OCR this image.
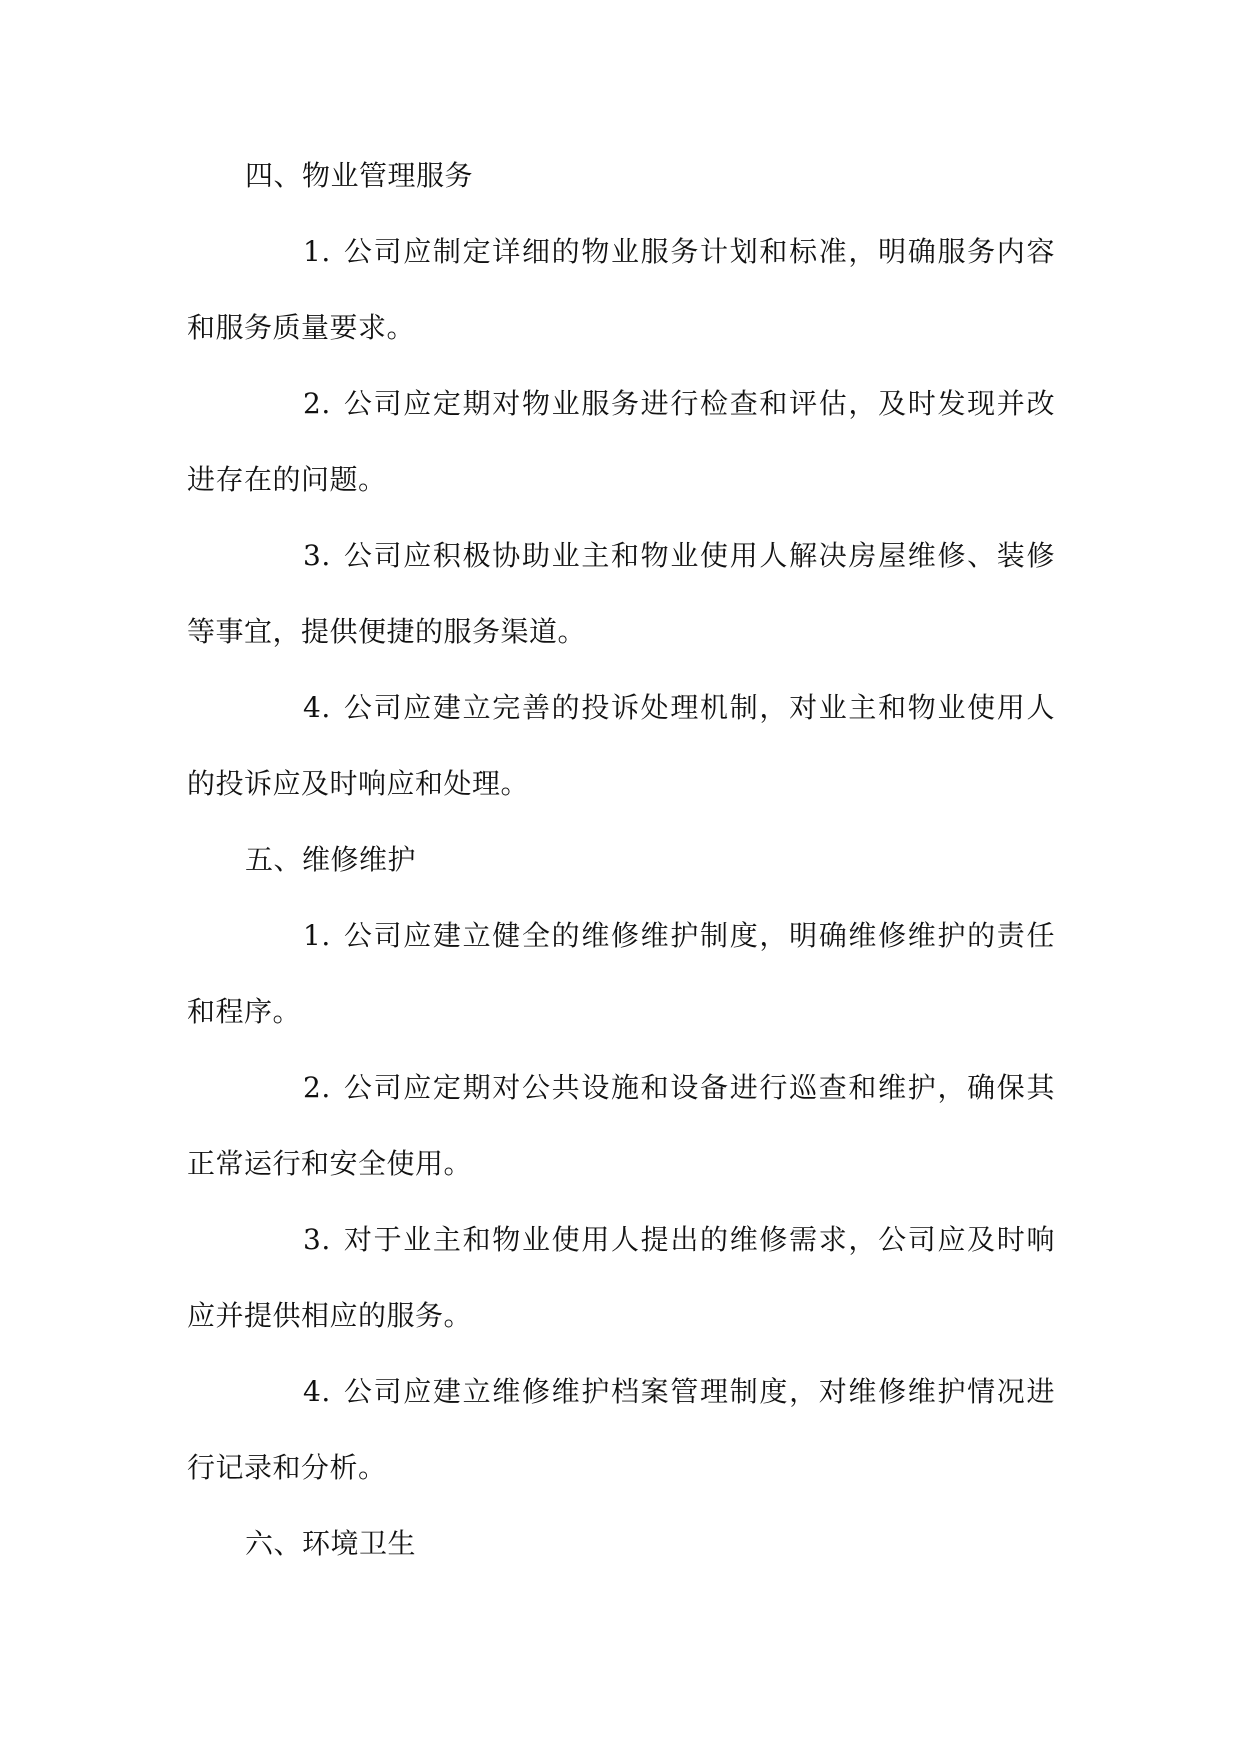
四、物业管理服务

1. 公司应制定详细的物业服务计划和标准，明确服务内容和服务质量要求。

2. 公司应定期对物业服务进行检查和评估，及时发现并改进存在的问题。

3. 公司应积极协助业主和物业使用人解决房屋维修、装修等事宜，提供便捷的服务渠道。

4. 公司应建立完善的投诉处理机制，对业主和物业使用人的投诉应及时响应和处理。

五、维修维护

1. 公司应建立健全的维修维护制度，明确维修维护的责任和程序。

2. 公司应定期对公共设施和设备进行巡查和维护，确保其正常运行和安全使用。

3. 对于业主和物业使用人提出的维修需求，公司应及时响应并提供相应的服务。

4. 公司应建立维修维护档案管理制度，对维修维护情况进行记录和分析。

六、环境卫生
